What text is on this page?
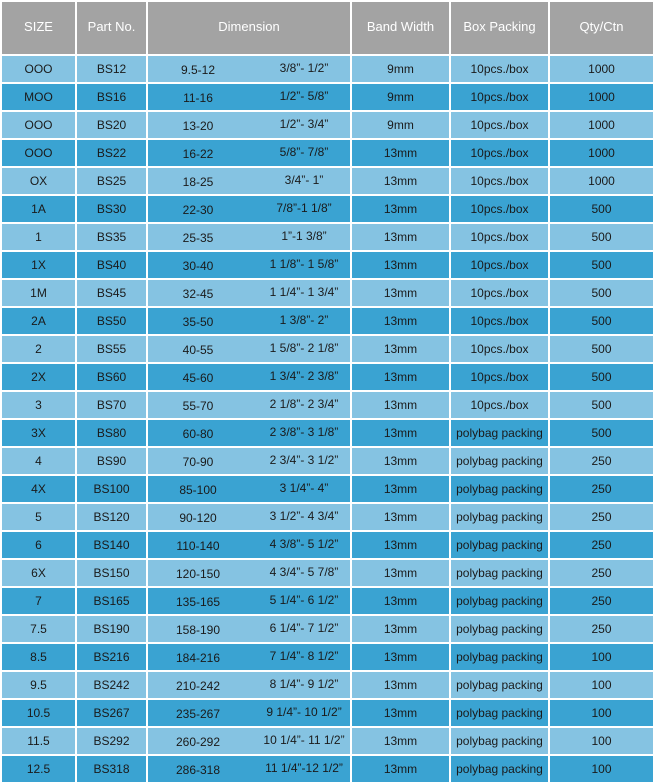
SIZE	Part No.	Dimension	Band Width	Box Packing	Qty/Ctn
OOO	BS12	9.5-12 3/8”- 1/2”	9mm	10pcs./box	1000
MOO	BS16	11-16 1/2”- 5/8”	9mm	10pcs./box	1000
OOO	BS20	13-20 1/2”- 3/4”	9mm	10pcs./box	1000
OOO	BS22	16-22 5/8”- 7/8”	13mm	10pcs./box	1000
OX	BS25	18-25 3/4”- 1”	13mm	10pcs./box	1000
1A	BS30	22-30 7/8”-1 1/8”	13mm	10pcs./box	500
1	BS35	25-35 1”-1 3/8”	13mm	10pcs./box	500
1X	BS40	30-40 1 1/8”- 1 5/8”	13mm	10pcs./box	500
1M	BS45	32-45 1 1/4”- 1 3/4”	13mm	10pcs./box	500
2A	BS50	35-50 1 3/8”- 2”	13mm	10pcs./box	500
2	BS55	40-55 1 5/8”- 2 1/8”	13mm	10pcs./box	500
2X	BS60	45-60 1 3/4”- 2 3/8”	13mm	10pcs./box	500
3	BS70	55-70 2 1/8”- 2 3/4”	13mm	10pcs./box	500
3X	BS80	60-80 2 3/8”- 3 1/8”	13mm	polybag packing	500
4	BS90	70-90 2 3/4”- 3 1/2”	13mm	polybag packing	250
4X	BS100	85-100 3 1/4”- 4”	13mm	polybag packing	250
5	BS120	90-120 3 1/2”- 4 3/4”	13mm	polybag packing	250
6	BS140	110-140 4 3/8”- 5 1/2”	13mm	polybag packing	250
6X	BS150	120-150 4 3/4”- 5 7/8”	13mm	polybag packing	250
7	BS165	135-165 5 1/4”- 6 1/2”	13mm	polybag packing	250
7.5	BS190	158-190 6 1/4”- 7 1/2”	13mm	polybag packing	250
8.5	BS216	184-216 7 1/4”- 8 1/2”	13mm	polybag packing	100
9.5	BS242	210-242 8 1/4”- 9 1/2”	13mm	polybag packing	100
10.5	BS267	235-267 9 1/4”- 10 1/2”	13mm	polybag packing	100
11.5	BS292	260-292 10 1/4”- 11 1/2”	13mm	polybag packing	100
12.5	BS318	286-318 11 1/4”-12 1/2”	13mm	polybag packing	100
